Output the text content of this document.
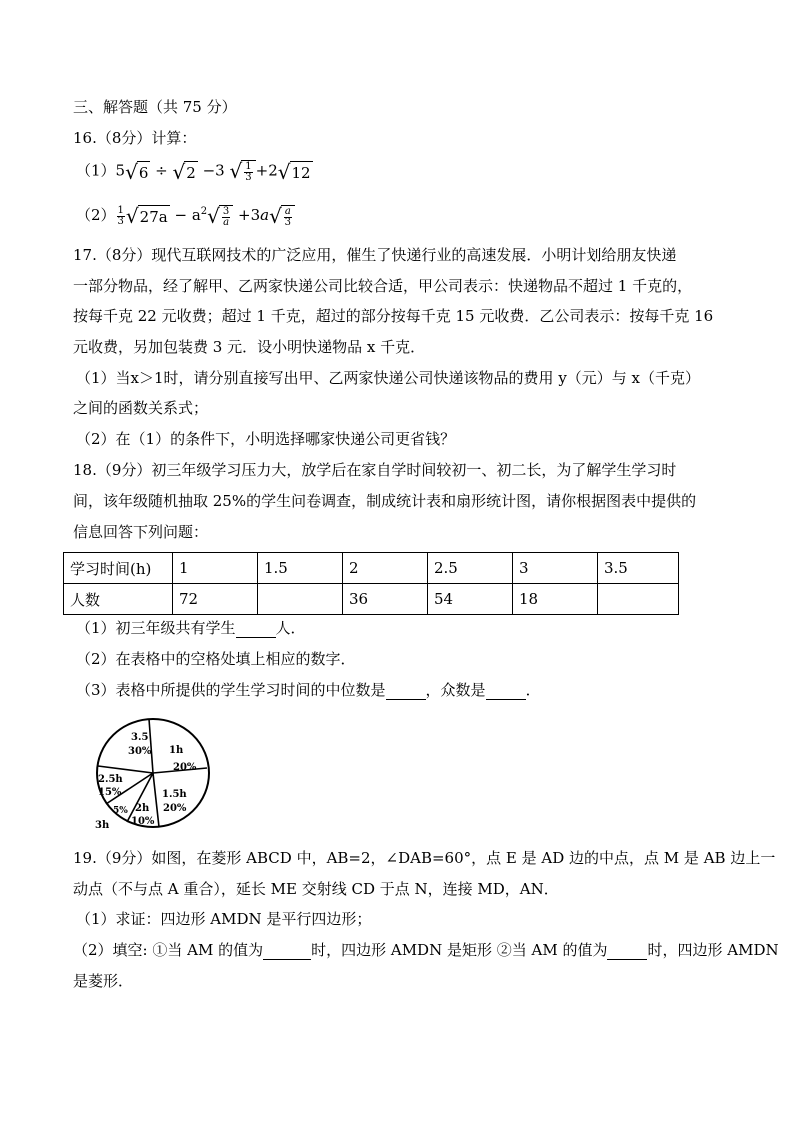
三、解答题（共 75 分）
16.（8分）计算：
（1）5 √ 6 ÷ √ 2 −3 √ $\frac{1}{3} +2$ √ 12
$(2) \frac{1}{3}$ √ $27a - a^2$ √ $\frac{3}{a} +3a$ √ $\frac{a}{3}$
17.（8分）现代互联网技术的广泛应用，催生了快递行业的高速发展．小明计划给朋友快递
一部分物品，经了解甲、乙两家快递公司比较合适，甲公司表示：快递物品不超过 1 千克的，
按每千克 22 元收费；超过 1 千克，超过的部分按每千克 15 元收费．乙公司表示：按每千克 16
元收费，另加包装费 3 元．设小明快递物品 x 千克．
（1）当x＞1时，请分别直接写出甲、乙两家快递公司快递该物品的费用 y（元）与 x（千克）
之间的函数关系式；
（2）在（1）的条件下，小明选择哪家快递公司更省钱？
18.（9分）初三年级学习压力大，放学后在家自学时间较初一、初二长，为了解学生学习时
间，该年级随机抽取 25%的学生问卷调查，制成统计表和扇形统计图，请你根据图表中提供的
信息回答下列问题：
学习时间(h)	1	1.5	2	2.5	3	3.5
人数	72		36	54	18	
（1）初三年级共有学生	人．
（2）在表格中的空格处填上相应的数字．
（3）表格中所提供的学生学习时间的中位数是	，众数是	．
3.5
30% 1h
20%
1.5h
20%
2h
10%
5%
3h
2.5h
15%
19.（9分）如图，在菱形 ABCD 中，AB=2，∠DAB=60°，点 E 是 AD 边的中点，点 M 是 AB 边上一
动点（不与点 A 重合），延长 ME 交射线 CD 于点 N，连接 MD，AN．
（1）求证：四边形 AMDN 是平行四边形；
（2）填空: ①当 AM 的值为	时，四边形 AMDN 是矩形 ②当 AM 的值为	时，四边形 AMDN
是菱形．
